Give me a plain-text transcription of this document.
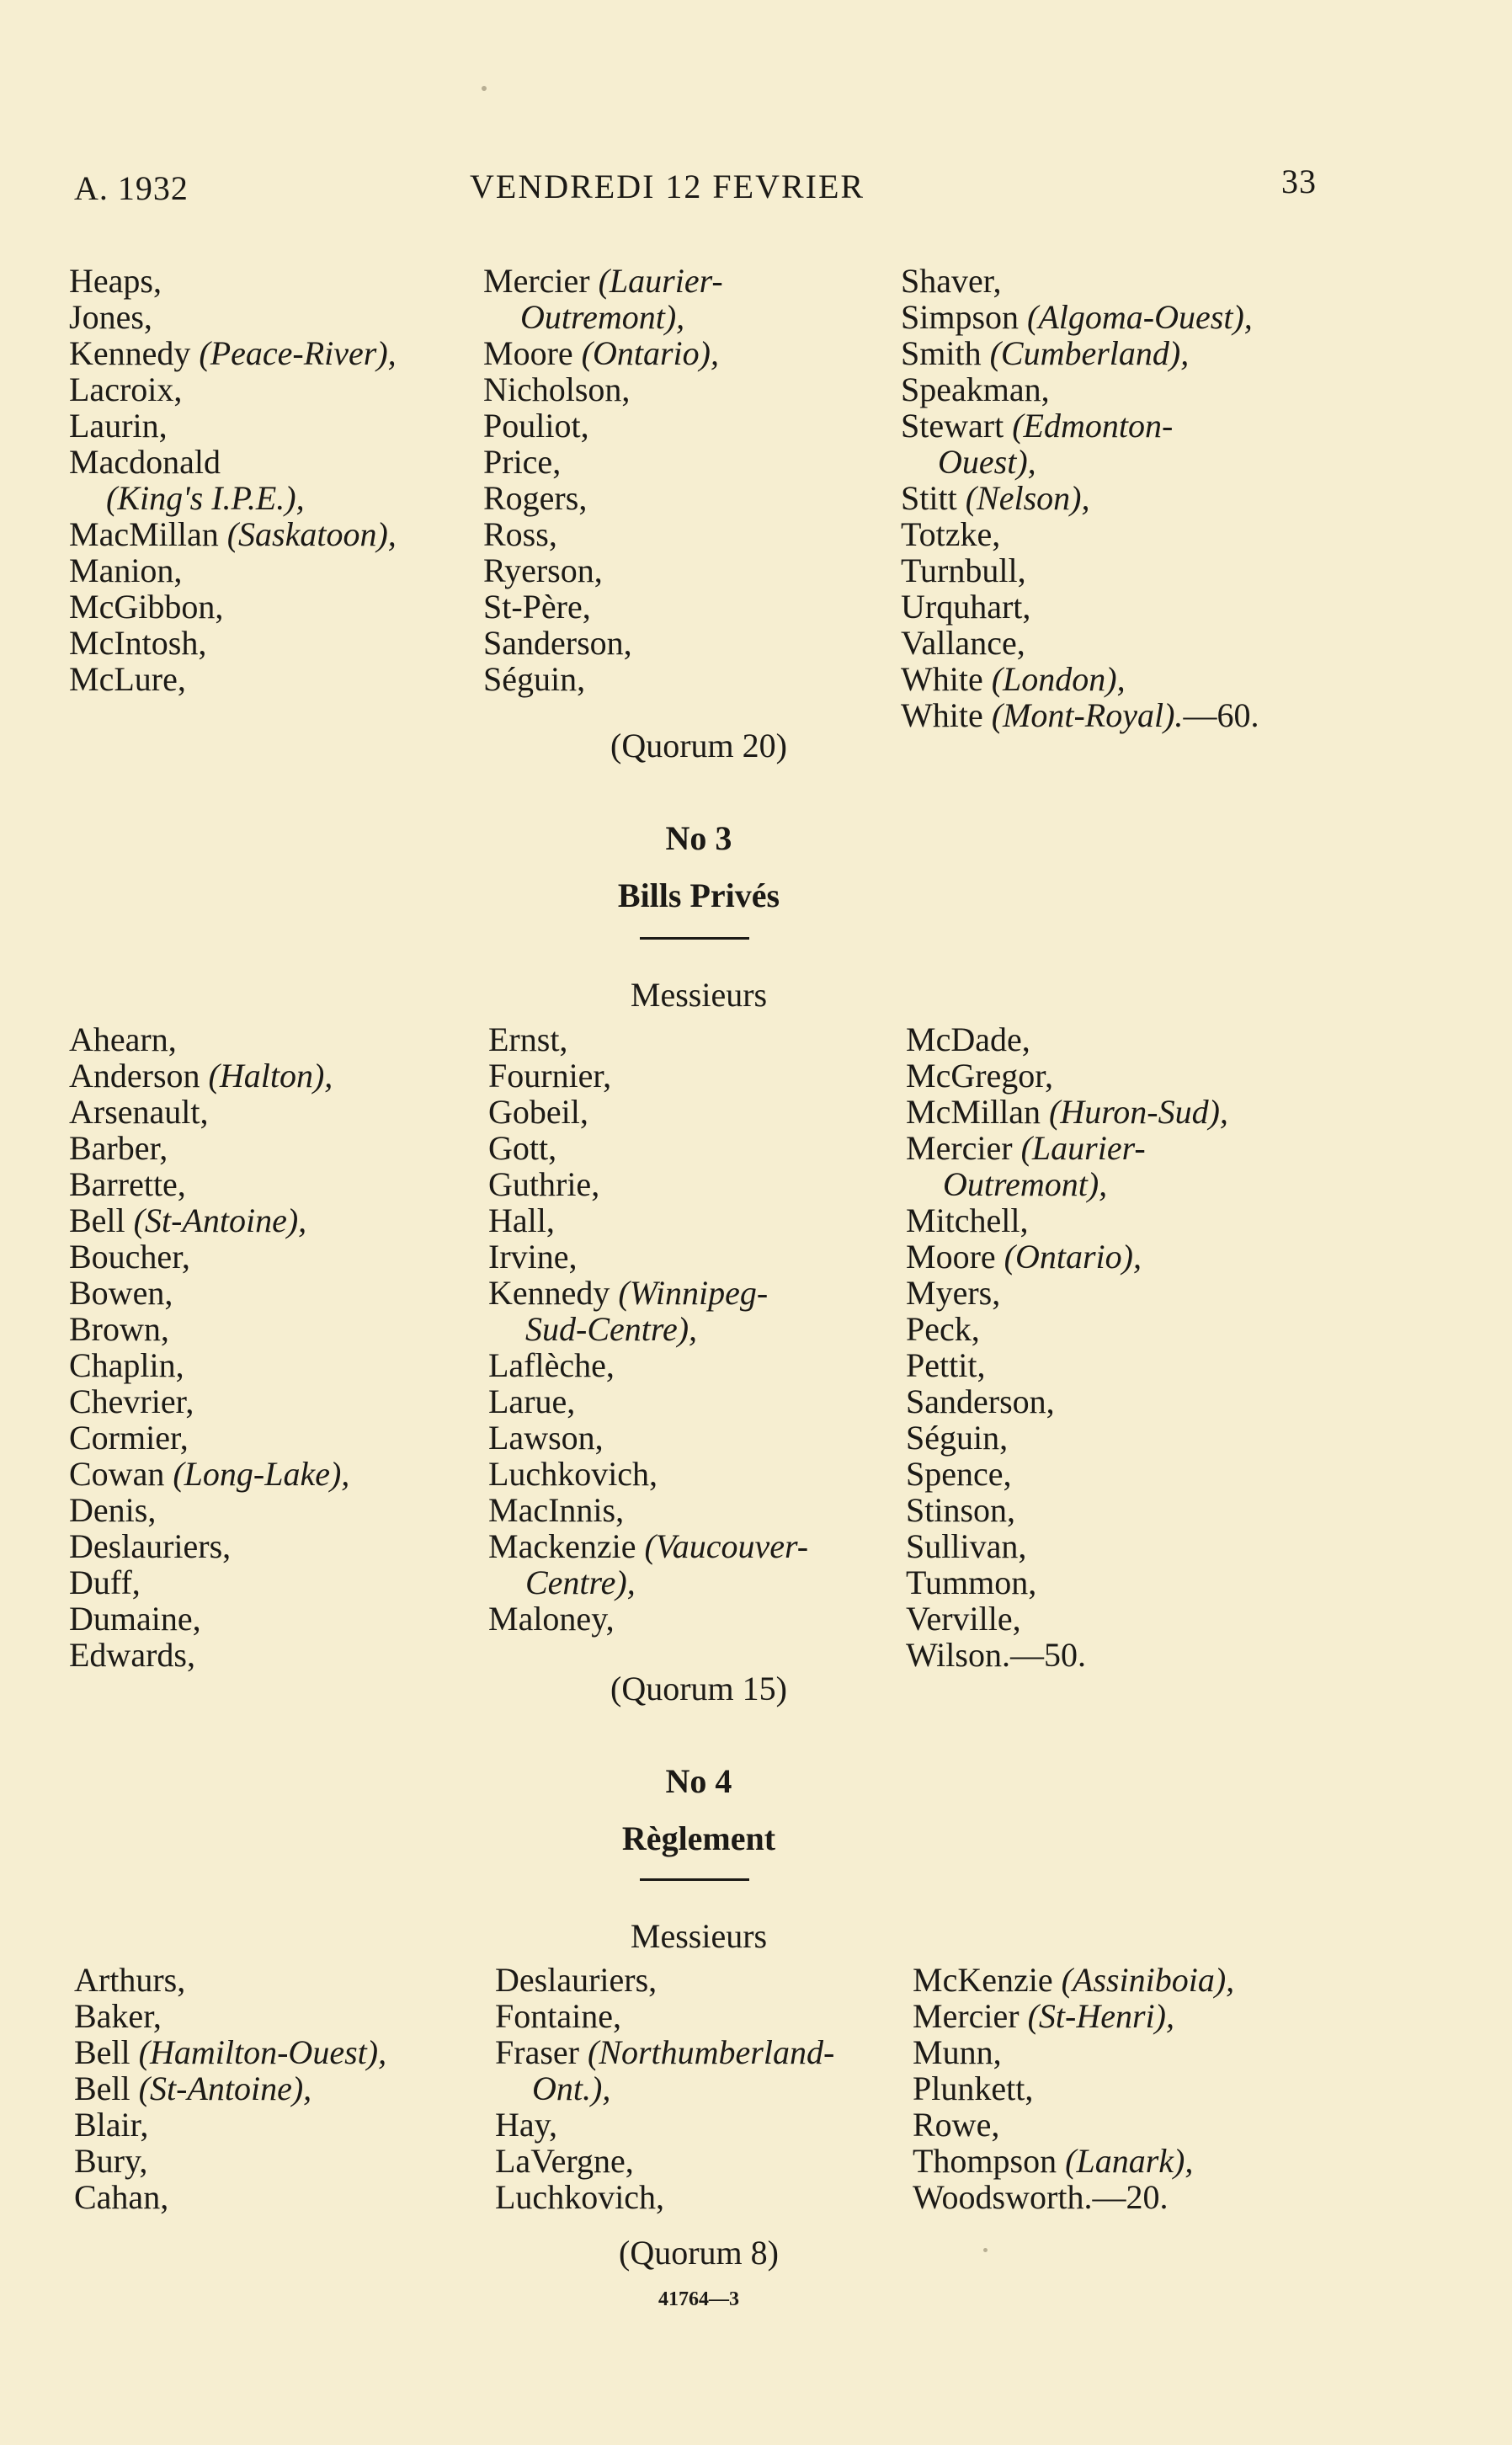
A. 1932	VENDREDI 12 FEVRIER	33
Heaps,
Jones,
Kennedy (Peace-River),
Lacroix,
Laurin,
Macdonald
(King's I.P.E.),
MacMillan (Saskatoon),
Manion,
McGibbon,
McIntosh,
McLure,
Mercier (Laurier-
Outremont),
Moore (Ontario),
Nicholson,
Pouliot,
Price,
Rogers,
Ross,
Ryerson,
St-Père,
Sanderson,
Séguin,
Shaver,
Simpson (Algoma-Ouest),
Smith (Cumberland),
Speakman,
Stewart (Edmonton-
Ouest),
Stitt (Nelson),
Totzke,
Turnbull,
Urquhart,
Vallance,
White (London),
White (Mont-Royal).—60.
(Quorum 20)
No 3
Bills Privés
Messieurs
Ahearn,
Anderson (Halton),
Arsenault,
Barber,
Barrette,
Bell (St-Antoine),
Boucher,
Bowen,
Brown,
Chaplin,
Chevrier,
Cormier,
Cowan (Long-Lake),
Denis,
Deslauriers,
Duff,
Dumaine,
Edwards,
Ernst,
Fournier,
Gobeil,
Gott,
Guthrie,
Hall,
Irvine,
Kennedy (Winnipeg-
Sud-Centre),
Laflèche,
Larue,
Lawson,
Luchkovich,
MacInnis,
Mackenzie (Vaucouver-
Centre),
Maloney,
McDade,
McGregor,
McMillan (Huron-Sud),
Mercier (Laurier-
Outremont),
Mitchell,
Moore (Ontario),
Myers,
Peck,
Pettit,
Sanderson,
Séguin,
Spence,
Stinson,
Sullivan,
Tummon,
Verville,
Wilson.—50.
(Quorum 15)
No 4
Règlement
Messieurs
Arthurs,
Baker,
Bell (Hamilton-Ouest),
Bell (St-Antoine),
Blair,
Bury,
Cahan,
Deslauriers,
Fontaine,
Fraser (Northumberland-
Ont.),
Hay,
LaVergne,
Luchkovich,
McKenzie (Assiniboia),
Mercier (St-Henri),
Munn,
Plunkett,
Rowe,
Thompson (Lanark),
Woodsworth.—20.
(Quorum 8)
41764—3
